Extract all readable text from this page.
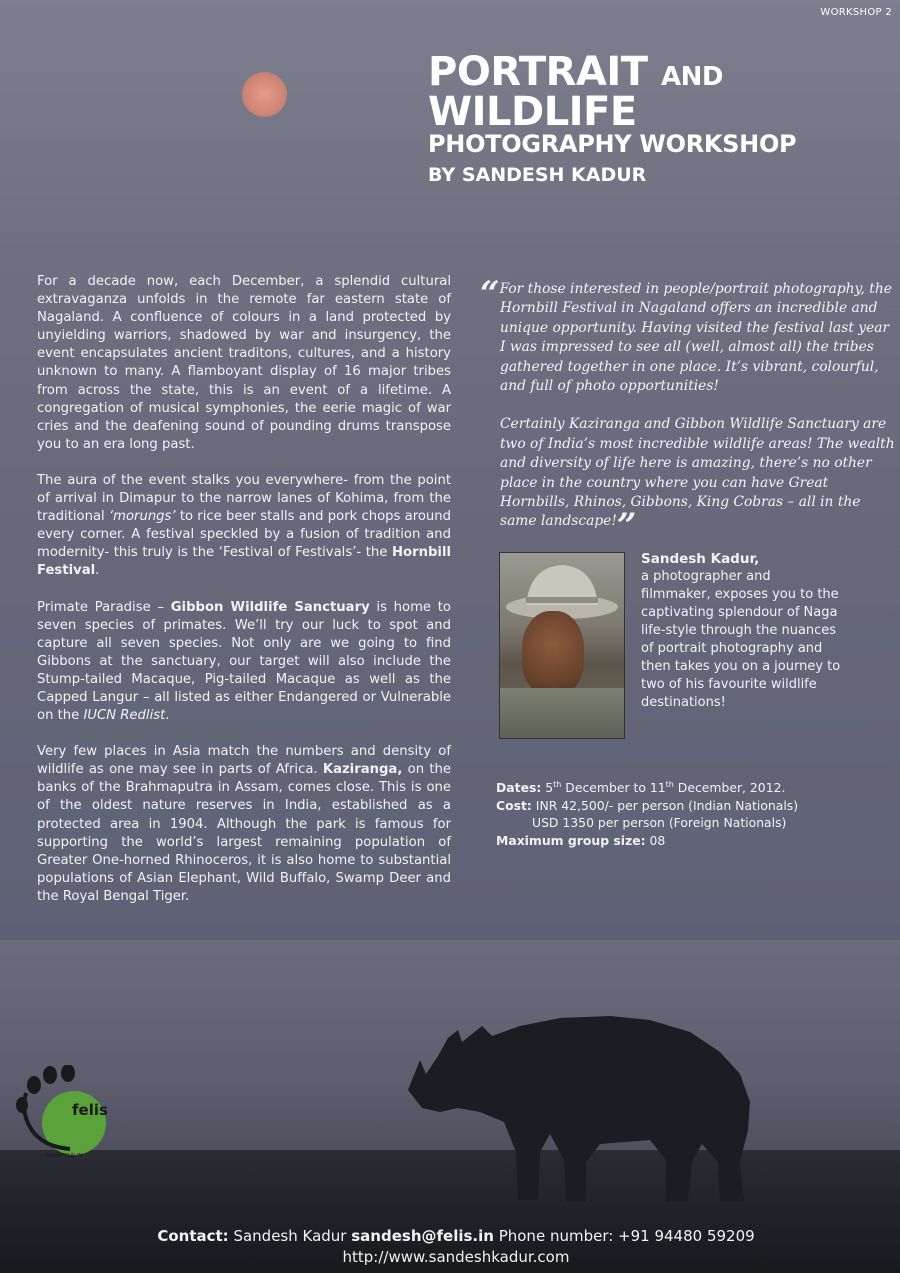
WORKSHOP 2
PORTRAIT AND WILDLIFE
PHOTOGRAPHY WORKSHOP
BY SANDESH KADUR

For a decade now, each December, a splendid cultural extravaganza unfolds in the remote far eastern state of Nagaland. A confluence of colours in a land protected by unyielding warriors, shadowed by war and insurgency, the event encapsulates ancient traditons, cultures, and a history unknown to many. A flamboyant display of 16 major tribes from across the state, this is an event of a lifetime. A congregation of musical symphonies, the eerie magic of war cries and the deafening sound of pounding drums transpose you to an era long past.

The aura of the event stalks you everywhere- from the point of arrival in Dimapur to the narrow lanes of Kohima, from the traditional ‘morungs’ to rice beer stalls and pork chops around every corner. A festival speckled by a fusion of tradition and modernity- this truly is the ‘Festival of Festivals’- the Hornbill Festival.

Primate Paradise – Gibbon Wildlife Sanctuary is home to seven species of primates. We’ll try our luck to spot and capture all seven species. Not only are we going to find Gibbons at the sanctuary, our target will also include the Stump-tailed Macaque, Pig-tailed Macaque as well as the Capped Langur – all listed as either Endangered or Vulnerable on the IUCN Redlist.

Very few places in Asia match the numbers and density of wildlife as one may see in parts of Africa. Kaziranga, on the banks of the Brahmaputra in Assam, comes close. This is one of the oldest nature reserves in India, established as a protected area in 1904. Although the park is famous for supporting the world’s largest remaining population of Greater One-horned Rhinoceros, it is also home to substantial populations of Asian Elephant, Wild Buffalo, Swamp Deer and the Royal Bengal Tiger.

“For those interested in people/portrait photography, the Hornbill Festival in Nagaland offers an incredible and unique opportunity. Having visited the festival last year I was impressed to see all (well, almost all) the tribes gathered together in one place. It’s vibrant, colourful, and full of photo opportunities!

Certainly Kaziranga and Gibbon Wildlife Sanctuary are two of India’s most incredible wildlife areas! The wealth and diversity of life here is amazing, there’s no other place in the country where you can have Great Hornbills, Rhinos, Gibbons, King Cobras – all in the same landscape!”

Sandesh Kadur,
a photographer and filmmaker, exposes you to the captivating splendour of Naga life-style through the nuances of portrait photography and then takes you on a journey to two of his favourite wildlife destinations!
Dates: 5th December to 11th December, 2012.
Cost: INR 42,500/- per person (Indian Nationals)
USD 1350 per person (Foreign Nationals)
Maximum group size: 08
felis
WWW.FELIS.IN
Contact: Sandesh Kadur sandesh@felis.in Phone number: +91 94480 59209
http://www.sandeshkadur.com
